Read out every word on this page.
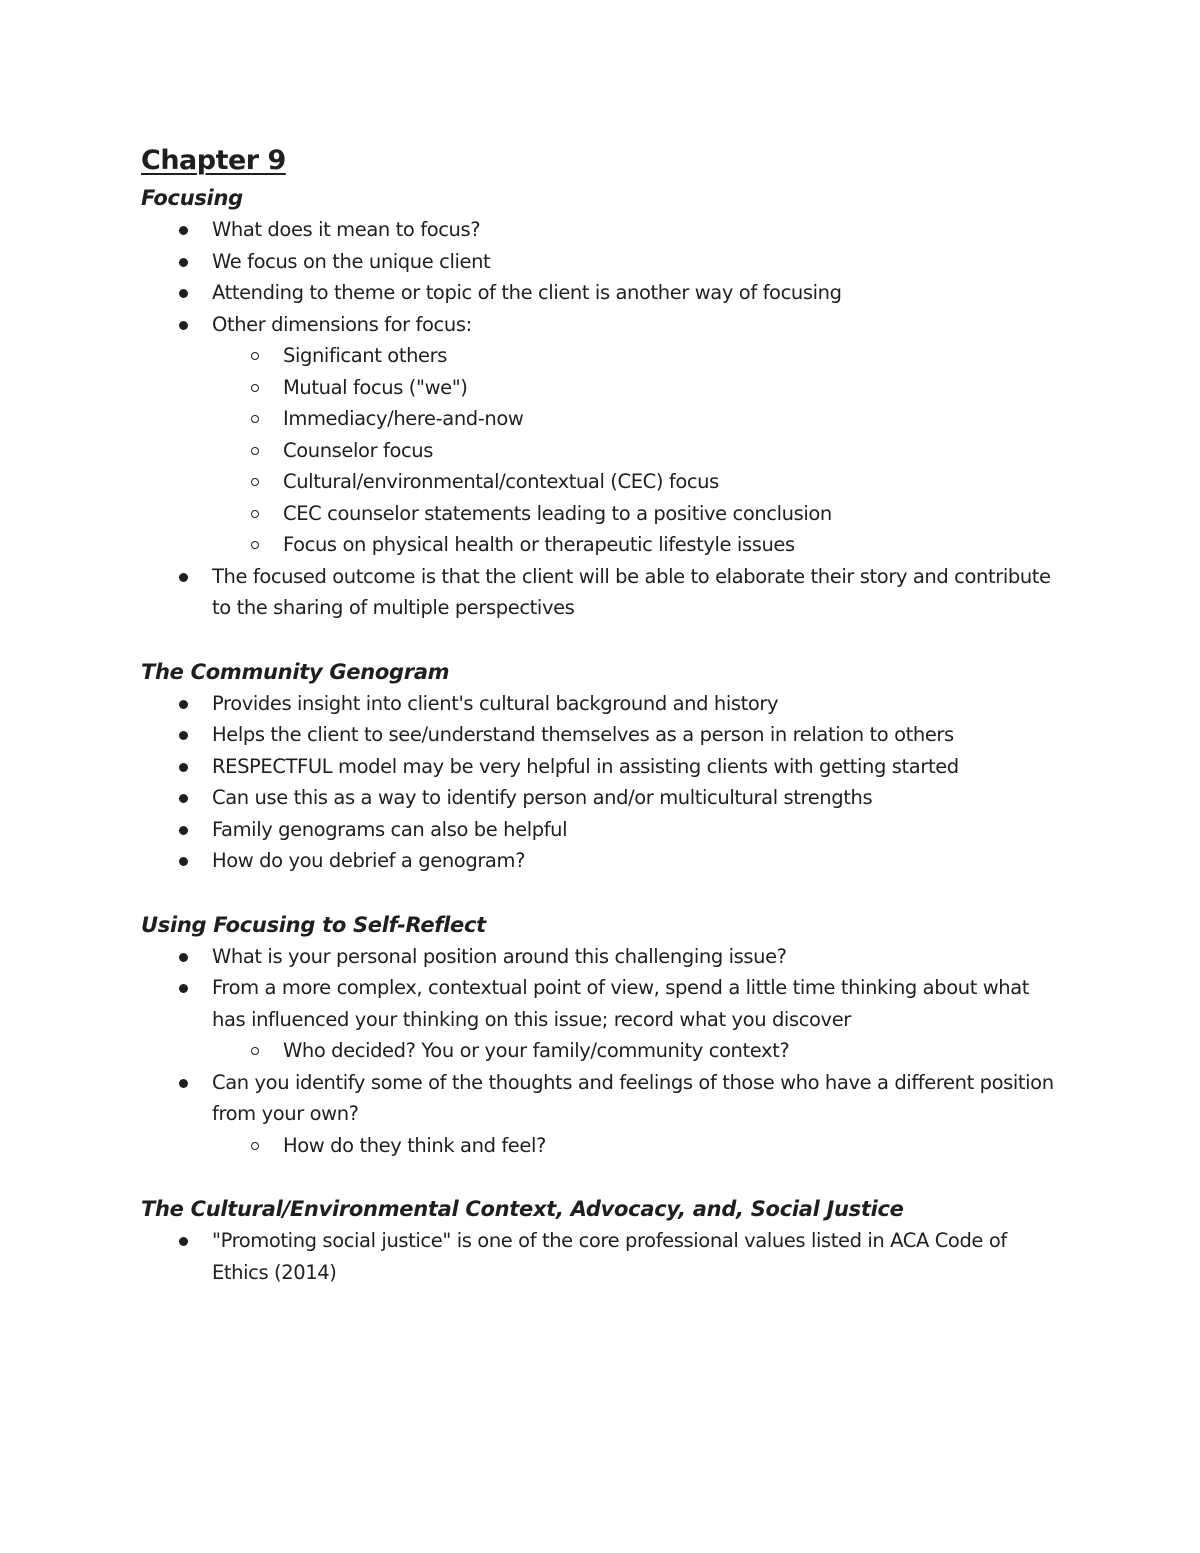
Chapter 9
Focusing
What does it mean to focus?
We focus on the unique client
Attending to theme or topic of the client is another way of focusing
Other dimensions for focus:
Significant others
Mutual focus ("we")
Immediacy/here-and-now
Counselor focus
Cultural/environmental/contextual (CEC) focus
CEC counselor statements leading to a positive conclusion
Focus on physical health or therapeutic lifestyle issues
The focused outcome is that the client will be able to elaborate their story and contribute to the sharing of multiple perspectives
The Community Genogram
Provides insight into client's cultural background and history
Helps the client to see/understand themselves as a person in relation to others
RESPECTFUL model may be very helpful in assisting clients with getting started
Can use this as a way to identify person and/or multicultural strengths
Family genograms can also be helpful
How do you debrief a genogram?
Using Focusing to Self-Reflect
What is your personal position around this challenging issue?
From a more complex, contextual point of view, spend a little time thinking about what has influenced your thinking on this issue; record what you discover
Who decided? You or your family/community context?
Can you identify some of the thoughts and feelings of those who have a different position from your own?
How do they think and feel?
The Cultural/Environmental Context, Advocacy, and, Social Justice
"Promoting social justice" is one of the core professional values listed in ACA Code of Ethics (2014)
